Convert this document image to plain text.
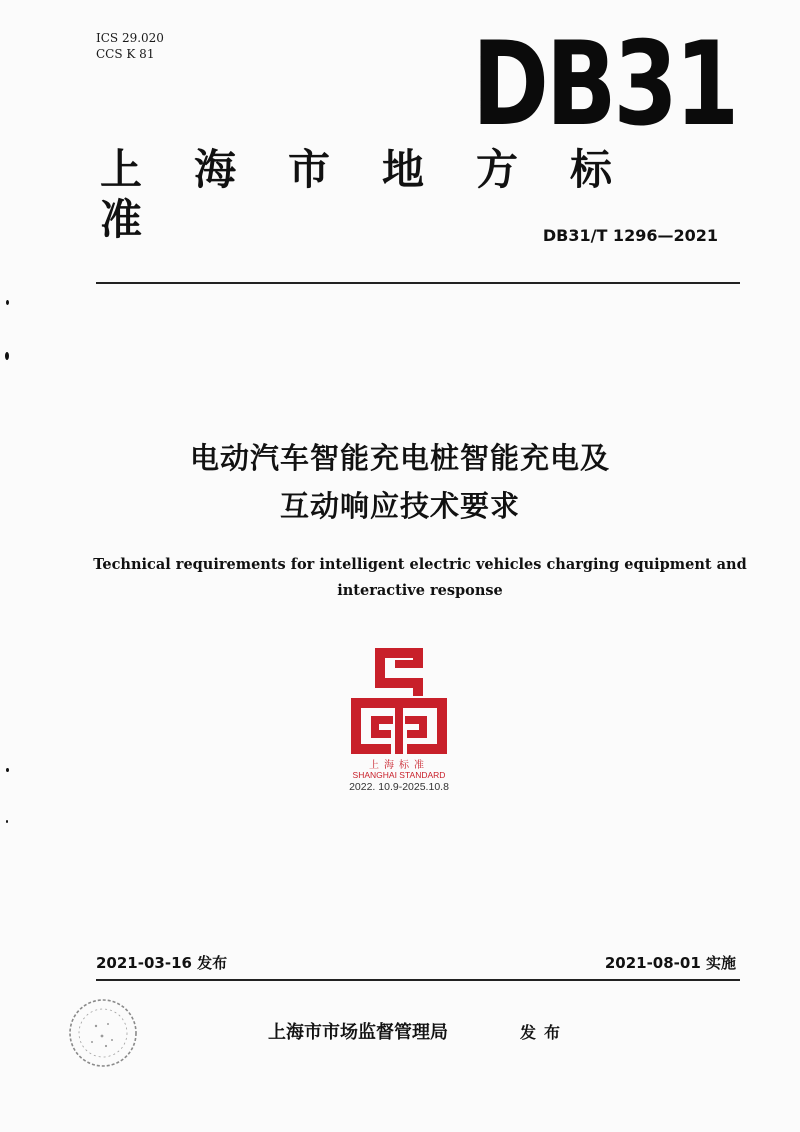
ICS 29.020
CCS K 81	DB31
上海市地方标准	DB31/T 1296—2021
电动汽车智能充电桩智能充电及
互动响应技术要求
Technical requirements for intelligent electric vehicles charging equipment and
interactive response
上海标准
SHANGHAI STANDARD
2022. 10.9-2025.10.8
2021-03-16 发布	2021-08-01 实施
上海市市场监督管理局	发布
